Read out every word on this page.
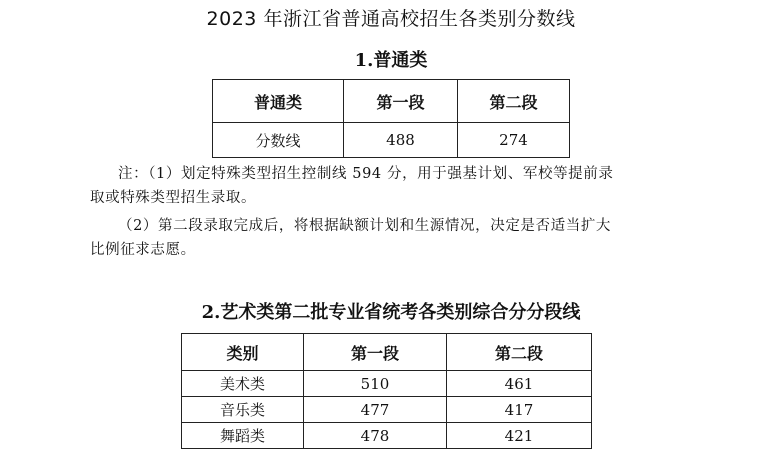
2023 年浙江省普通高校招生各类别分数线
1.普通类
普通类	第一段	第二段
分数线	488	274
注：（1）划定特殊类型招生控制线 594 分，用于强基计划、军校等提前录
取或特殊类型招生录取。
（2）第二段录取完成后，将根据缺额计划和生源情况，决定是否适当扩大
比例征求志愿。
2.艺术类第二批专业省统考各类别综合分分段线
类别	第一段	第二段
美术类	510	461
音乐类	477	417
舞蹈类	478	421
